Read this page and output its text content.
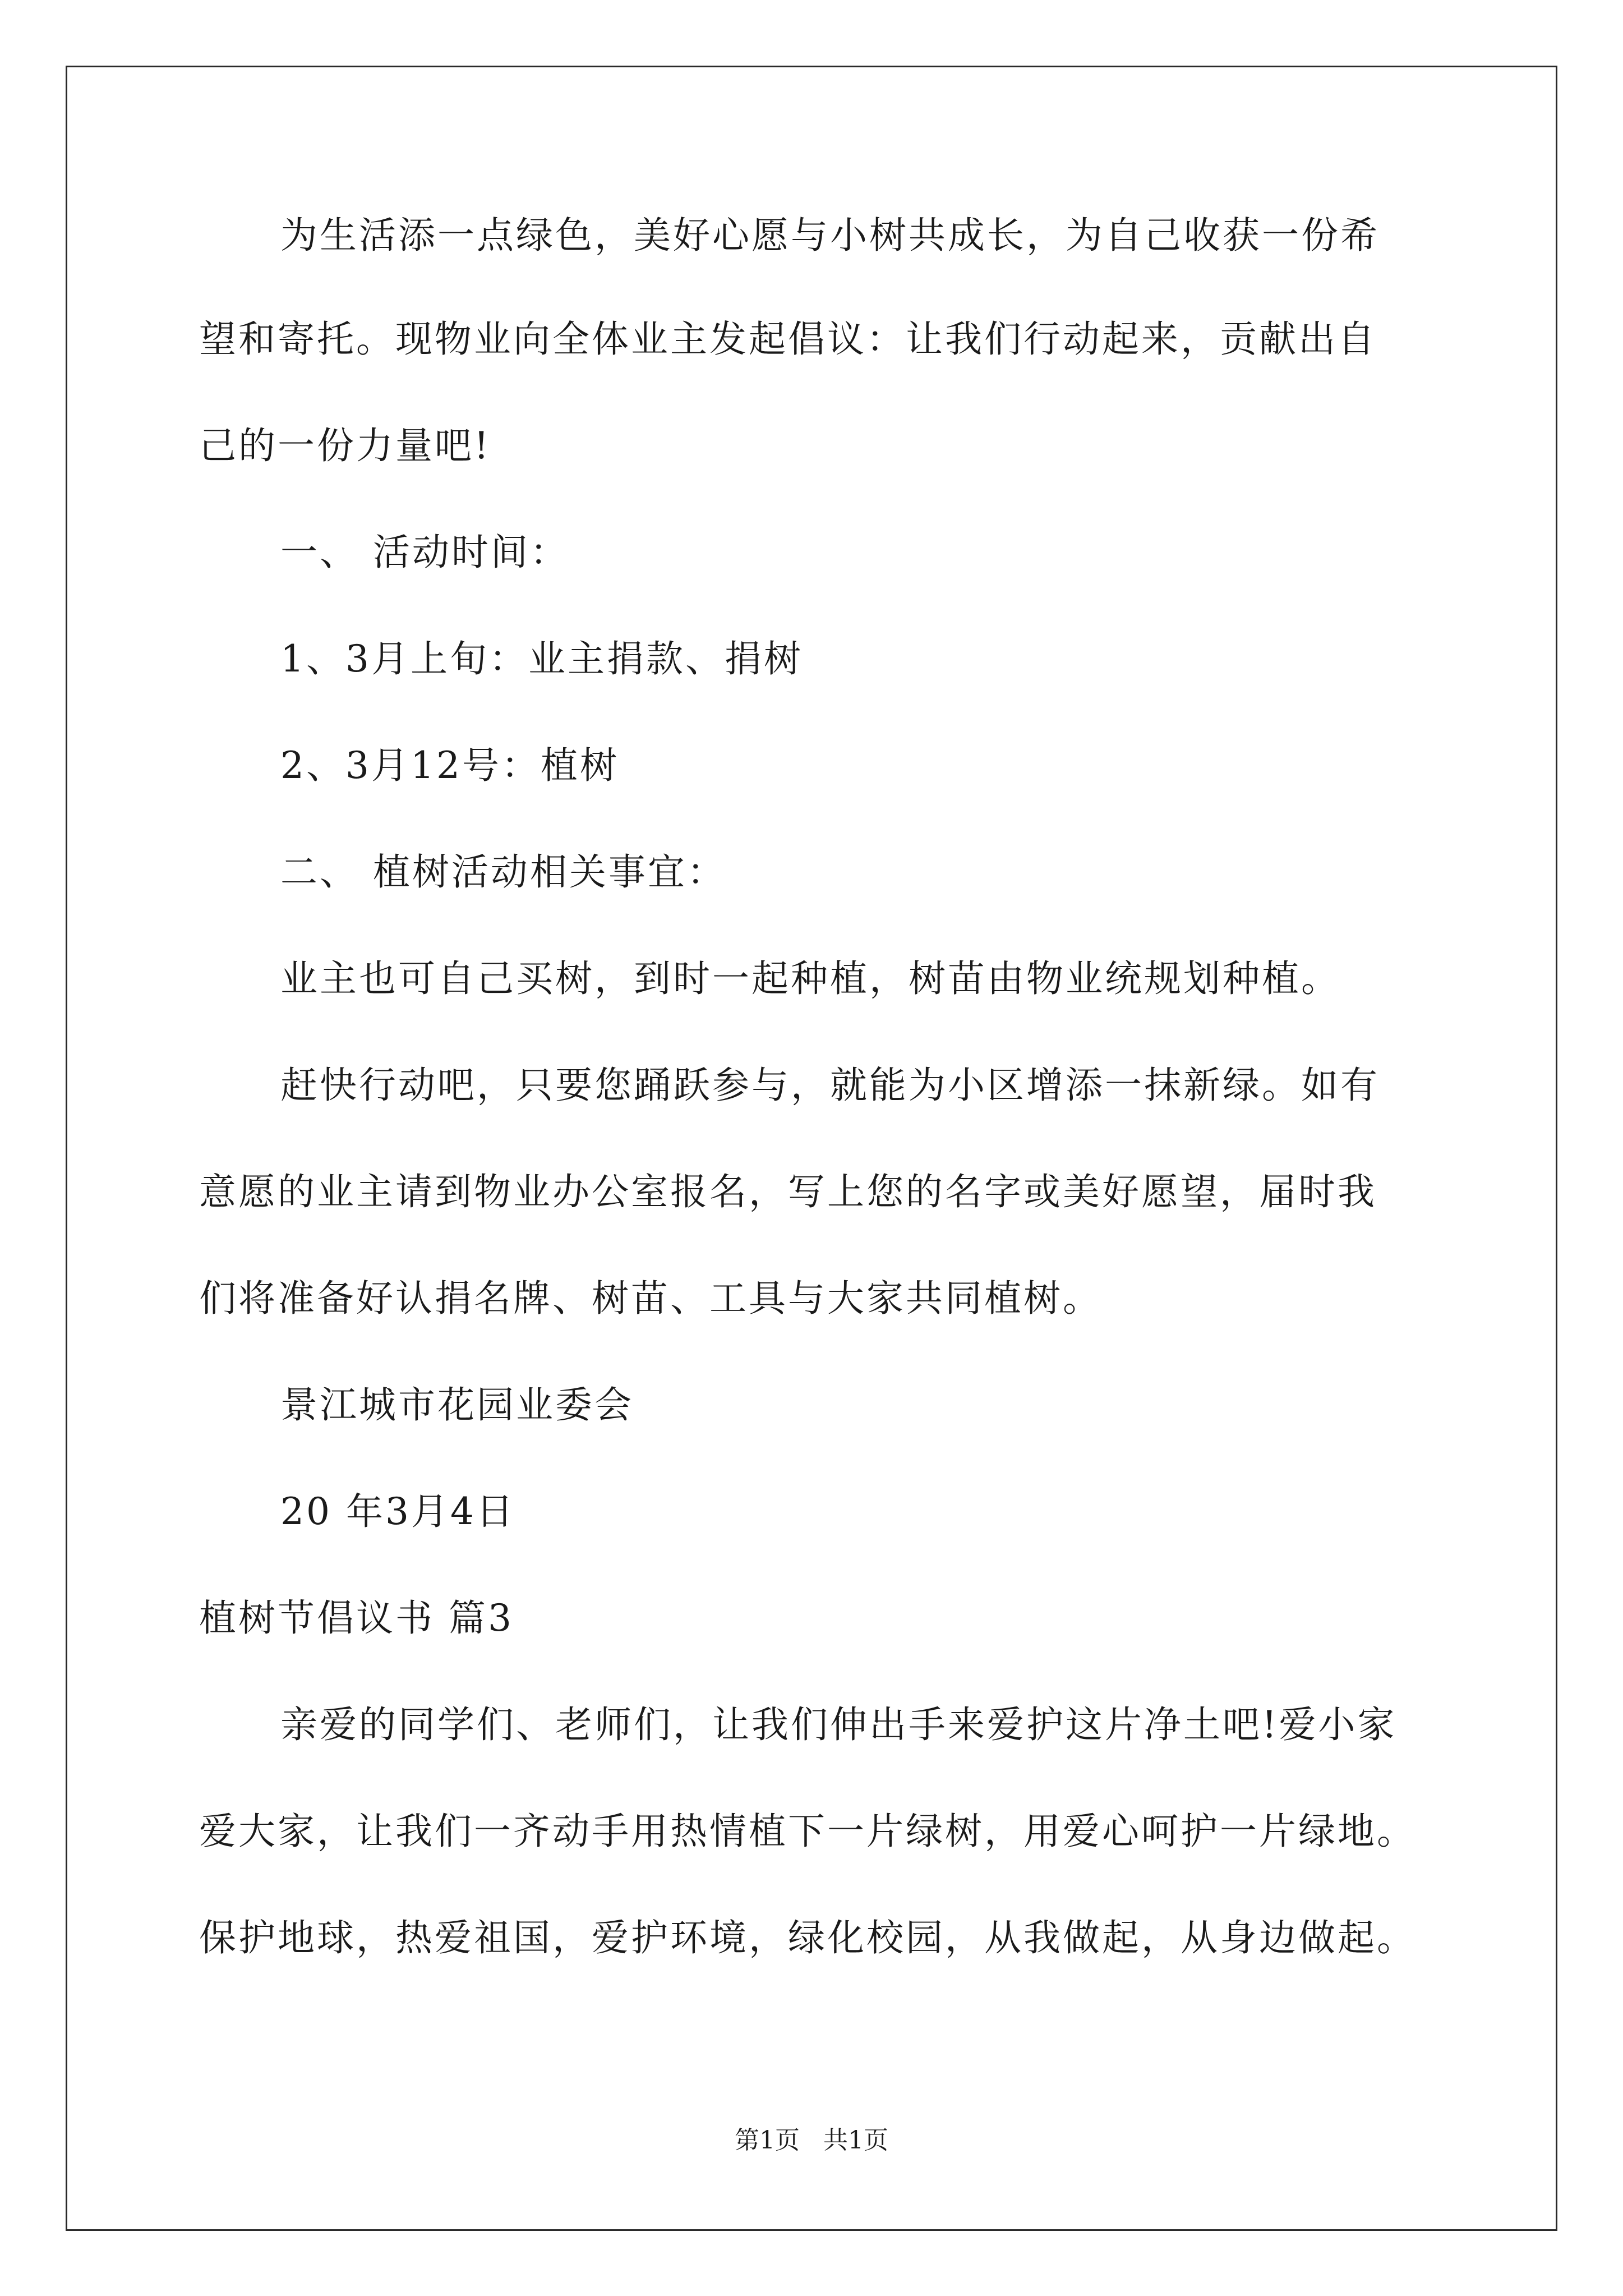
为生活添一点绿色，美好心愿与小树共成长，为自己收获一份希
望和寄托。现物业向全体业主发起倡议：让我们行动起来，贡献出自
己的一份力量吧!
一、 活动时间：
1、3月上旬：业主捐款、捐树
2、3月12号：植树
二、 植树活动相关事宜：
业主也可自己买树，到时一起种植，树苗由物业统规划种植。
赶快行动吧，只要您踊跃参与，就能为小区增添一抹新绿。如有
意愿的业主请到物业办公室报名，写上您的名字或美好愿望，届时我
们将准备好认捐名牌、树苗、工具与大家共同植树。
景江城市花园业委会
20 年3月4日
植树节倡议书 篇3
亲爱的同学们、老师们，让我们伸出手来爱护这片净土吧!爱小家
爱大家，让我们一齐动手用热情植下一片绿树，用爱心呵护一片绿地。
保护地球，热爱祖国，爱护环境，绿化校园，从我做起，从身边做起。
第1页   共1页
